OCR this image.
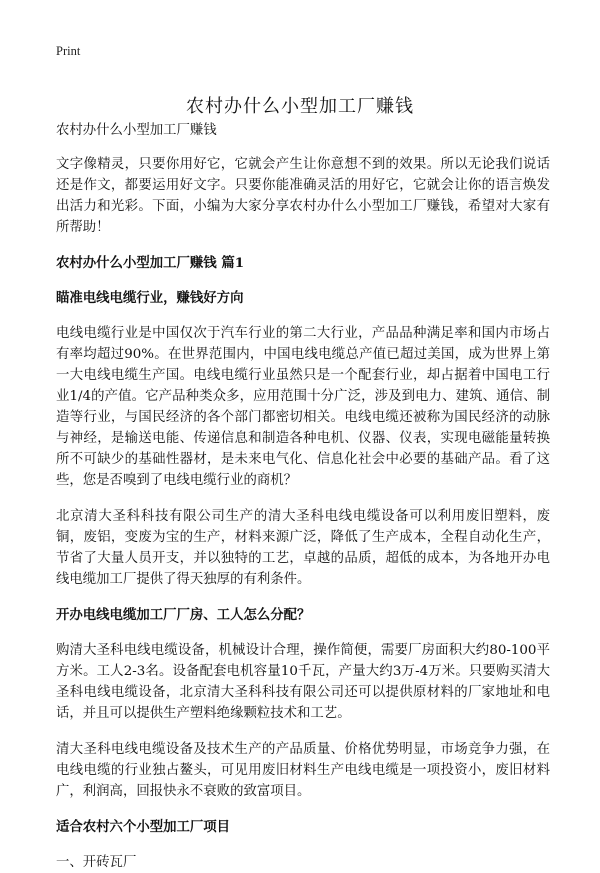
Print
农村办什么小型加工厂赚钱

农村办什么小型加工厂赚钱

文字像精灵，只要你用好它，它就会产生让你意想不到的效果。所以无论我们说话还是作文，都要运用好文字。只要你能准确灵活的用好它，它就会让你的语言焕发出活力和光彩。下面，小编为大家分享农村办什么小型加工厂赚钱，希望对大家有所帮助！

农村办什么小型加工厂赚钱 篇1
瞄准电线电缆行业，赚钱好方向

电线电缆行业是中国仅次于汽车行业的第二大行业，产品品种满足率和国内市场占有率均超过90%。在世界范围内，中国电线电缆总产值已超过美国，成为世界上第一大电线电缆生产国。电线电缆行业虽然只是一个配套行业，却占据着中国电工行业1/4的产值。它产品种类众多，应用范围十分广泛，涉及到电力、建筑、通信、制造等行业，与国民经济的各个部门都密切相关。电线电缆还被称为国民经济的动脉与神经，是输送电能、传递信息和制造各种电机、仪器、仪表，实现电磁能量转换所不可缺少的基础性器材，是未来电气化、信息化社会中必要的基础产品。看了这些，您是否嗅到了电线电缆行业的商机？

北京清大圣科科技有限公司生产的清大圣科电线电缆设备可以利用废旧塑料，废铜，废铝，变废为宝的生产，材料来源广泛，降低了生产成本，全程自动化生产，节省了大量人员开支，并以独特的工艺，卓越的品质，超低的成本，为各地开办电线电缆加工厂提供了得天独厚的有利条件。

开办电线电缆加工厂厂房、工人怎么分配？

购清大圣科电线电缆设备，机械设计合理，操作简便，需要厂房面积大约80-100平方米。工人2-3名。设备配套电机容量10千瓦，产量大约3万-4万米。只要购买清大圣科电线电缆设备，北京清大圣科科技有限公司还可以提供原材料的厂家地址和电话，并且可以提供生产塑料绝缘颗粒技术和工艺。

清大圣科电线电缆设备及技术生产的产品质量、价格优势明显，市场竞争力强，在电线电缆的行业独占鳌头，可见用废旧材料生产电线电缆是一项投资小，废旧材料广，利润高，回报快永不衰败的致富项目。

适合农村六个小型加工厂项目

一、开砖瓦厂
